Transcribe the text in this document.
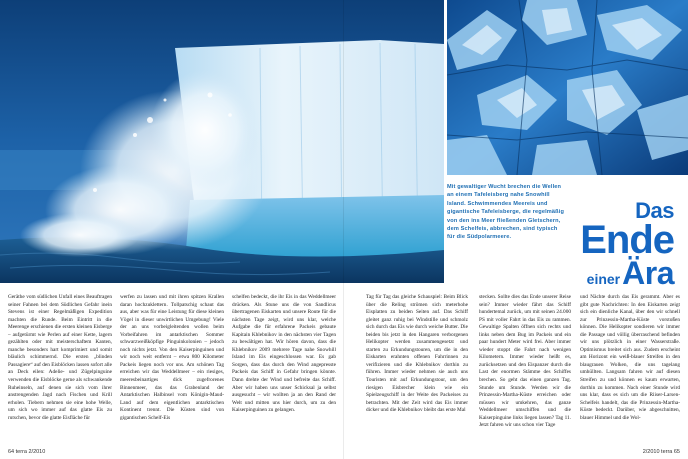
Mit gewaltiger Wucht brechen die Wellen an einem Tafeleisberg nahe Snowhill Island. Schwimmendes Meereis und gigantische Tafeleisberge, die regelmäßig von den ins Meer fließenden Gletschern, dem Schelfeis, abbrechen, sind typisch für die Südpolarmeere.
Das
Ende
einer Ära

Geräthe vom südlichen Unfall eines Beauftragen seiner Fahnen bei dem Südlichen Gefahr inein Stevens ist einer Regelmäßigen Expedition machten die Runde. Beim Eintritt in die Meerenge erschienen die ersten kleinen Eisberge – aufgetürmt wie Perlen auf einer Kette, lagern gezählten oder mit meisterschaftem Kanten, manche besonders hart komprimiert und somit bläulich schimmernd. Die ersten „blinden Passagiere“ auf den Eisblöcken lassen sofort alle an Deck eilen: Adelie- und Zügelpinguine verwenden die Eisblöcke gerne als schwankende Ruheinseln, auf denen sie sich vom ihrer anstrengenden Jagd nach Fischen und Krill erholen. Tiebern nehmen sie eine hohe Welle, um sich wo immer auf das glatte Eis zu rutschen, bevor die glatte Eisfläche für

werfen zu lassen und mit ihren spitzen Krallen daran hochzuklettern. Tollpatschig schaut das aus, aber was für eine Leistung für diese kleinen Vögel in dieser unwirtlichen Umgebung! Viele der an uns vorbeigleitenden wollen beim Vorbeifahren im antarktischen Sommer schwarzweißköpfige Pinguinkolonien – jedoch noch nichts jetzt. Von den Kaiserpinguinen und wir noch weit entfernt – etwa 800 Kilometer Packeis liegen noch vor uns. Am schönen Tag erreichen wir das Weddellmeer – ein riesiges, meeresbeinartiges dick zugefrorenes Binnenmeer, das das Grabenland der Antarktischen Halbinsel vom Königin-Maud-Land auf dem eigentlichen antarktischen Kontinent trennt. Die Küsten sind von gigantischen Schelf-Eis

schelfen bedeckt, die ihr Eis in das Weddellmeer drücken. Als Stune uns die von Sandlicus übertragenen Eiskarten und unsere Route für die nächsten Tage zeigt, wird uns klar, welche Aufgabe die für erfahrene Packeis gebaute Kapitain Khlebnikov in den nächsten vier Tagen zu bewältigen hat. Wir hören davon, dass die Khlebnikov 2009 mehrere Tage nahe Snowhill Island im Eis eingeschlossen war. Es gab Sorgen, dass das durch den Wind angepresste Packeis das Schiff in Gefahr bringen könnte. Dann drehte der Wind und befreite das Schiff. Aber wir haben uns unser Schicksal ja selbst ausgesucht – wir wollten ja an den Rand der Welt und mitten uns hier durch, um zu den Kaiserpinguinen zu gelangen.

Tag für Tag das gleiche Schauspiel: Beim Blick über die Reling strömen sich meterhohe Eisplatten zu beiden Seiten auf. Das Schiff gleitet ganz ruhig bei Windstille und schmolz sich durch das Eis wie durch weiche Butter. Die beiden bis jetzt in den Hangaren verborgenen Helikopter werden zusammengesetzt und starten zu Erkundungstouren, um die in den Eiskarten erahnten offenen Fahrrinnen zu verifizieren und die Khlebnikov dorthin zu führen. Immer wieder nehmen sie auch uns Touristen mit auf Erkundungstour, um den riesigen Eisbrecher klein wie ein Spielzeugschiff in der Weite des Packeises zu betrachten. Mit der Zeit wird das Eis immer dicker und die Khlebnikov bleibt das erste Mal

stecken. Sollte dies das Ende unserer Reise sein? Immer wieder fährt das Schiff hundertemal zurück, um mit seinen 24.000 PS mit voller Fahrt in das Eis zu rammen. Gewaltige Spalten öffnen sich rechts und links neben dem Bug im Packeis und ein paar hundert Meter wird frei. Aber immer wieder stoppt die Fahrt nach wenigen Kilometern. Immer wieder heißt es, zurücksetzen und den Eispanzer durch die Last der enormen Stämme des Schiffes brechen. So geht das einen ganzen Tag. Stunde um Stunde. Werden wir die Prinzessin-Martha-Küste erreichen oder müssen wir umkehren, das ganze Weddellmeer umschiffen und die Kaiserpinguine links liegen lassen? Tag 11. Jetzt fahren wir uns schon vier Tage

und Nächte durch das Eis gerammt. Aber es gibt gute Nachrichten: In den Eiskarten zeigt sich ein dienliche Kanal, über den wir schnell zur Prinzessin-Martha-Küste vorstoßen können. Die Helikopter sondieren wir immer die Passage und völlig überraschend befinden wir uns plötzlich in einer Wasserstraße. Optimismus breitet sich aus. Zudem erscheint am Horizont ein weiß-blauer Streifen in den blaugrauen Wolken, die uns tagelang umhüllten. Langsam fahren wir auf diesen Streifen zu und können es kaum erwarten, dorthin zu kommen. Nach einer Stunde wird uns klar, dass es sich um die Riiser-Larsen-Schelfeis handelt, das die Prinzessin-Martha-Küste bedeckt. Darüber, wie abgeschnitten, blauer Himmel und die Wol-

64 terra 2/2010	2/2010 terra 65
